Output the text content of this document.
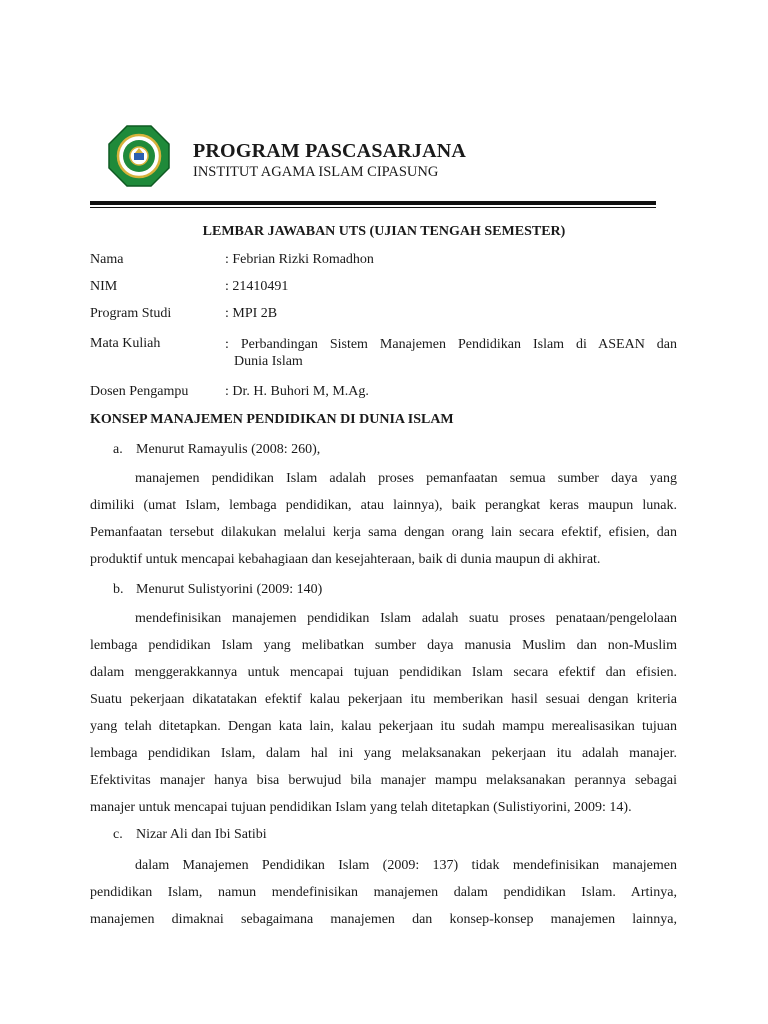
PROGRAM PASCASARJANA
INSTITUT AGAMA ISLAM CIPASUNG
LEMBAR JAWABAN UTS (UJIAN TENGAH SEMESTER)
Nama	: Febrian Rizki Romadhon
NIM	: 21410491
Program Studi	: MPI 2B
Mata Kuliah	: Perbandingan Sistem Manajemen Pendidikan Islam di ASEAN dan
Dunia Islam
Dosen Pengampu	: Dr. H. Buhori M, M.Ag.
KONSEP MANAJEMEN PENDIDIKAN DI DUNIA ISLAM
a. Menurut Ramayulis (2008: 260),
manajemen pendidikan Islam adalah proses pemanfaatan semua sumber daya yang
dimiliki (umat Islam, lembaga pendidikan, atau lainnya), baik perangkat keras maupun lunak.
Pemanfaatan tersebut dilakukan melalui kerja sama dengan orang lain secara efektif, efisien, dan
produktif untuk mencapai kebahagiaan dan kesejahteraan, baik di dunia maupun di akhirat.
b. Menurut Sulistyorini (2009: 140)
mendefinisikan manajemen pendidikan Islam adalah suatu proses penataan/pengelolaan
lembaga pendidikan Islam yang melibatkan sumber daya manusia Muslim dan non-Muslim
dalam menggerakkannya untuk mencapai tujuan pendidikan Islam secara efektif dan efisien.
Suatu pekerjaan dikatatakan efektif kalau pekerjaan itu memberikan hasil sesuai dengan kriteria
yang telah ditetapkan. Dengan kata lain, kalau pekerjaan itu sudah mampu merealisasikan tujuan
lembaga pendidikan Islam, dalam hal ini yang melaksanakan pekerjaan itu adalah manajer.
Efektivitas manajer hanya bisa berwujud bila manajer mampu melaksanakan perannya sebagai
manajer untuk mencapai tujuan pendidikan Islam yang telah ditetapkan (Sulistiyorini, 2009: 14).
c. Nizar Ali dan Ibi Satibi
dalam Manajemen Pendidikan Islam (2009: 137) tidak mendefinisikan manajemen
pendidikan Islam, namun mendefinisikan manajemen dalam pendidikan Islam. Artinya,
manajemen dimaknai sebagaimana manajemen dan konsep-konsep manajemen lainnya,
